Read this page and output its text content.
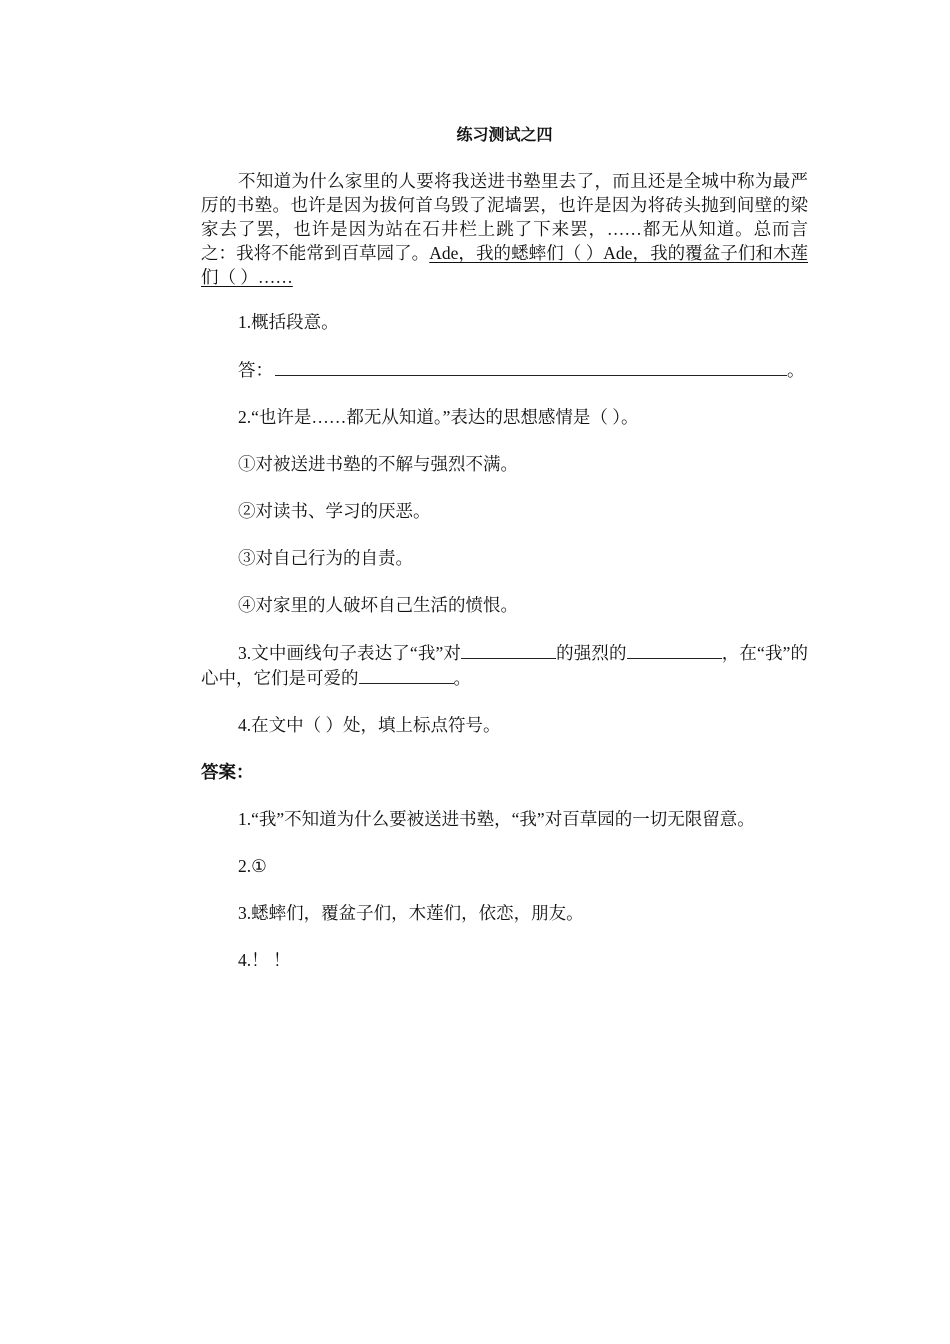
练习测试之四

不知道为什么家里的人要将我送进书塾里去了，而且还是全城中称为最严厉的书塾。也许是因为拔何首乌毁了泥墙罢，也许是因为将砖头抛到间壁的梁家去了罢，也许是因为站在石井栏上跳了下来罢，……都无从知道。总而言之：我将不能常到百草园了。Ade，我的蟋蟀们（ ）Ade，我的覆盆子们和木莲们（ ）……

1.概括段意。

答：	。

2.“也许是……都无从知道。”表达的思想感情是（ ）。

①对被送进书塾的不解与强烈不满。

②对读书、学习的厌恶。

③对自己行为的自责。

④对家里的人破坏自己生活的愤恨。

3.文中画线句子表达了“我”对	的强烈的	，在“我”的心中，它们是可爱的	。

4.在文中（ ）处，填上标点符号。

答案：

1.“我”不知道为什么要被送进书塾，“我”对百草园的一切无限留意。

2.①

3.蟋蟀们，覆盆子们，木莲们，依恋，朋友。

4.！ ！
